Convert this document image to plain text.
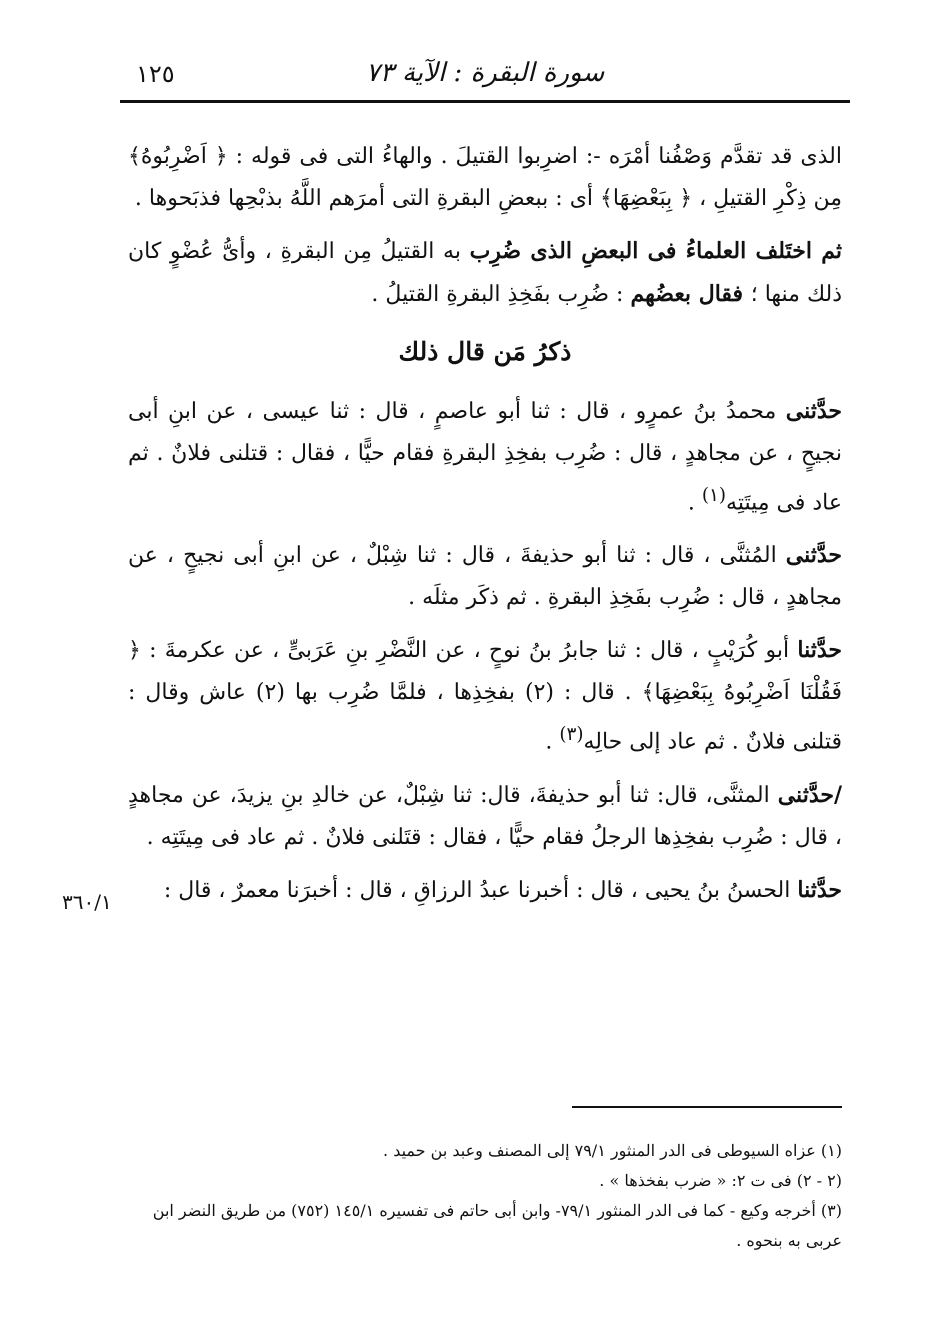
١٢٥	سورة البقرة : الآية ٧٣

الذى قد تقدَّم وَصْفُنا أمْرَه -: اضرِبوا القتيلَ . والهاءُ التى فى قوله : ﴿ اَضْرِبُوهُ﴾ مِن ذِكْرِ القتيلِ ، ﴿ بِبَعْضِهَا﴾ أى : ببعضِ البقرةِ التى أمرَهم اللَّهُ بذبْحِها فذبَحوها .

ثم اختَلف العلماءُ فى البعضِ الذى ضُرِب به القتيلُ مِن البقرةِ ، وأىُّ عُضْوٍ كان ذلك منها ؛ فقال بعضُهم : ضُرِب بفَخِذِ البقرةِ القتيلُ .

ذكرُ مَن قال ذلك

حدَّثنى محمدُ بنُ عمرٍو ، قال : ثنا أبو عاصمٍ ، قال : ثنا عيسى ، عن ابنِ أبى نجيحٍ ، عن مجاهدٍ ، قال : ضُرِب بفخِذِ البقرةِ فقام حيًّا ، فقال : قتلنى فلانٌ . ثم عاد فى مِيتَتِه$^{(١)}$ .

حدَّثنى المُثنَّى ، قال : ثنا أبو حذيفةَ ، قال : ثنا شِبْلٌ ، عن ابنِ أبى نجيحٍ ، عن مجاهدٍ ، قال : ضُرِب بفَخِذِ البقرةِ . ثم ذكَر مثلَه .

حدَّثنا أبو كُرَيْبٍ ، قال : ثنا جابرُ بنُ نوحٍ ، عن النَّضْرِ بنِ عَرَبىٍّ ، عن عكرمةَ : ﴿ فَقُلْنَا اَضْرِبُوهُ بِبَعْضِهَا﴾ . قال : (٢) بفخِذِها ، فلمَّا ضُرِب بها (٢) عاش وقال : قتلنى فلانٌ . ثم عاد إلى حالِه$^{(٣)}$ .

/حدَّثنى المثنَّى، قال: ثنا أبو حذيفةَ، قال: ثنا شِبْلٌ، عن خالدِ بنِ يزيدَ، عن مجاهدٍ ، قال : ضُرِب بفخِذِها الرجلُ فقام حيًّا ، فقال : قتَلنى فلانٌ . ثم عاد فى مِيتَتِه .

حدَّثنا الحسنُ بنُ يحيى ، قال : أخبرنا عبدُ الرزاقِ ، قال : أخبرَنا معمرٌ ، قال :

٣٦٠/١

(١) عزاه السيوطى فى الدر المنثور ٧٩/١ إلى المصنف وعبد بن حميد .

(٢ - ٢) فى ت ٢: « ضرب بفخذها » .

(٣) أخرجه وكيع - كما فى الدر المنثور ٧٩/١- وابن أبى حاتم فى تفسيره ١٤٥/١ (٧٥٢) من طريق النضر ابن عربى به بنحوه .
